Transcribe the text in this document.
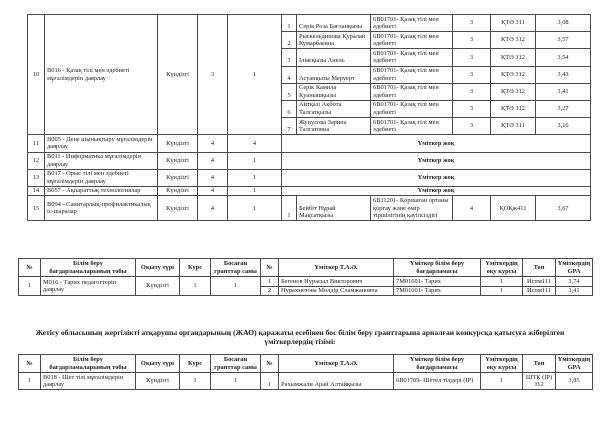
10	B016 - Қазақ тілі мен әдебиеті мұғалімдерін даярлау	Күндізгі	3	1	1	Серік Роза Бағланқызы	6В01701- Қазақ тілі мен әдебиеті	3	ҚТӘ 311	3,68
					2	Рыскельдинова Қуралай Кумарбаевна	6В01701- Қазақ тілі мен әдебиеті	3	ҚТӘ 312	3,57
					3	Іліясқызы Анель	6В01701- Қазақ тілі мен әдебиеті	3	ҚТӘ 312	3,54
					4	Асуанқызы Меруерт	6В01701- Қазақ тілі мен әдебиеті	3	ҚТӘ 312	3,43
					5	Серік Камила Қуанышқызы	6В01701- Қазақ тілі мен әдебиеті	3	ҚТӘ 312	3,41
					6	Айтқазі Ақбота Талғатқызы	6В01701- Қазақ тілі мен әдебиеті	3	ҚТӘ 312	3,27
					7	Жунусова Зарина Талгатовна	6В01701- Қазақ тілі мен әдебиеті	3	ҚТӘ 311	3,16
11	B005 - Дене шынықтыру мұғалімдерін даярлау	Күндізгі	4	4	Үміткер жоқ					
12	B011 - Информатика мұғалімдерін даярлау	Күндізгі	4	1	Үміткер жоқ					
13	B017 - Орыс тілі мен әдебиеті мұғалімдерін даярлау	Күндізгі	4	1	Үміткер жоқ					
14	B057 - Ақпараттық технологиялар	Күндізгі	4	1	Үміткер жоқ					
15	B094 - Санитарлық-профилактикалық іс-шаралар	Күндізгі	4	1	1	Бейбіт Нұрай Мақсатқызы	6В11201- Қоршаған ортаны қорғау және өмір тіршілігінің қауіпсіздігі	4	ҚОҚж411	3,67
№	Білім беру бағдарламаларының тобы	Оқыту түрі	Курс	Босаған гранттар саны	№	Үміткер Т.А.Ә.	Үміткер білім беру бағдарламасы	Үміткердің оқу курсы	Топ	Үміткердің GPA
1	M016 - Тарих педагогтерін даярлау	Күндізгі	1	1	1	Бегенов Нурасыл Викторович	7М01601- Тарих	1	Испм111	3,74
					2	Нурахметова Мөлдір Сламжановна	7М01601- Тарих	1	Испм111	3,41
Жетісу облысының жергілікті атқарушы органдарының (ЖАО) қаражаты есебінен бос білім беру гранттарына арналған конкурсқа қатысуға жіберілген үміткерлердің тізімі:
№	Білім беру бағдарламаларының тобы	Оқыту түрі	Курс	Босаған гранттар саны	№	Үміткер Т.А.Ә.	Үміткер білім беру бағдарламасы	Үміткердің оқу курсы	Топ	Үміткердің GPA
1	B018 - Шет тілі мұғалімдерін даярлау	Күндізгі	1	1	1	Рахымжали Арай Алтайқызы	6В01709- Шетел тілдері (ІР)	1	ШТК (ІР) 112	3,85
